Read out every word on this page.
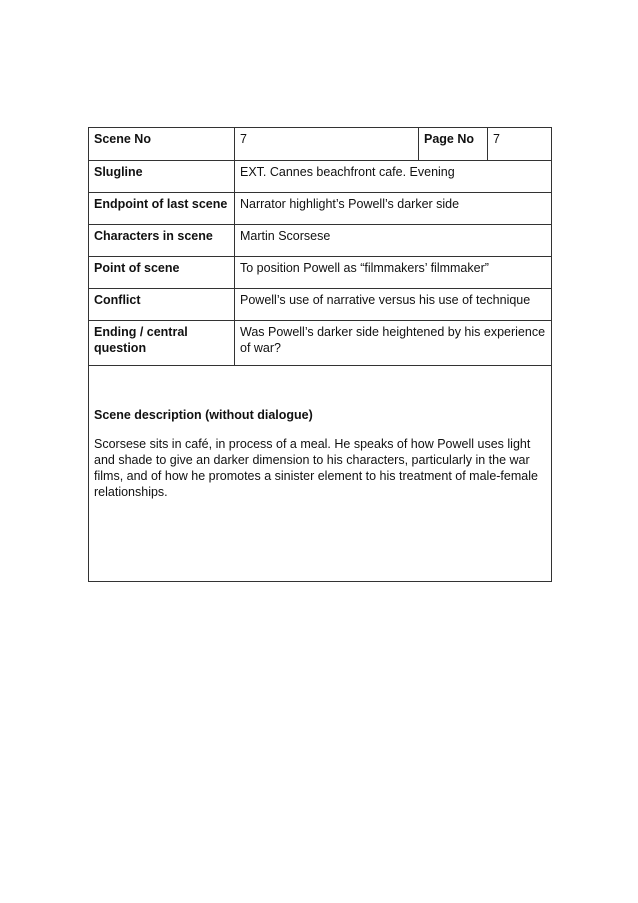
Scene No	7	Page No	7
Slugline	EXT. Cannes beachfront cafe. Evening		
Endpoint of last scene	Narrator highlight’s Powell’s darker side		
Characters in scene	Martin Scorsese		
Point of scene	To position Powell as “filmmakers’ filmmaker”		
Conflict	Powell’s use of narrative versus his use of technique		
Ending / central question	Was Powell’s darker side heightened by his experience of war?		

Scene description (without dialogue)

Scorsese sits in café, in process of a meal. He speaks of how Powell uses light and shade to give an darker dimension to his characters, particularly in the war films, and of how he promotes a sinister element to his treatment of male-female relationships.			
